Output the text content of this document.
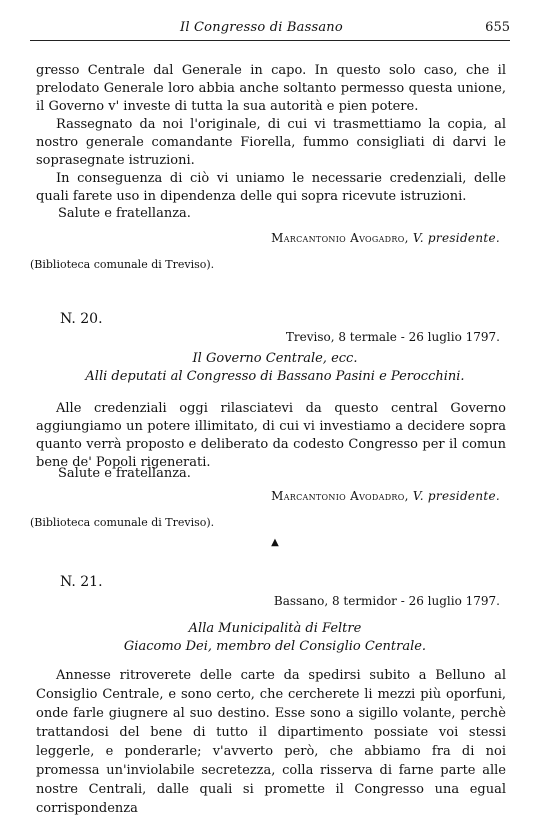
Il Congresso di Bassano	655
gresso Centrale dal Generale in capo. In questo solo caso, che il prelodato Generale loro abbia anche soltanto permesso questa unione, il Governo v' investe di tutta la sua autorità e pien potere.
Rassegnato da noi l'originale, di cui vi trasmettiamo la copia, al nostro generale comandante Fiorella, fummo consigliati di darvi le soprasegnate istruzioni.
In conseguenza di ciò vi uniamo le necessarie credenziali, delle quali farete uso in dipendenza delle qui sopra ricevute istruzioni.
Salute e fratellanza.
Marcantonio Avogadro, V. presidente.
(Biblioteca comunale di Treviso).
N. 20.
Treviso, 8 termale - 26 luglio 1797.
Il Governo Centrale, ecc.
Alli deputati al Congresso di Bassano Pasini e Perocchini.
Alle credenziali oggi rilasciatevi da questo central Governo aggiungiamo un potere illimitato, di cui vi investiamo a decidere sopra quanto verrà proposto e deliberato da codesto Congresso per il comun bene de' Popoli rigenerati.
Salute e fratellanza.
Marcantonio Avodadro, V. presidente.
(Biblioteca comunale di Treviso).
▲
N. 21.
Bassano, 8 termidor - 26 luglio 1797.
Alla Municipalità di Feltre
Giacomo Dei, membro del Consiglio Centrale.
Annesse ritroverete delle carte da spedirsi subito a Belluno al Consiglio Centrale, e sono certo, che cercherete li mezzi più oporfuni, onde farle giugnere al suo destino. Esse sono a sigillo volante, perchè trattandosi del bene di tutto il dipartimento possiate voi stessi leggerle, e ponderarle; v'avverto però, che abbiamo fra di noi promessa un'inviolabile secretezza, colla risserva di farne parte alle nostre Centrali, dalle quali si promette il Congresso una egual corrispondenza
